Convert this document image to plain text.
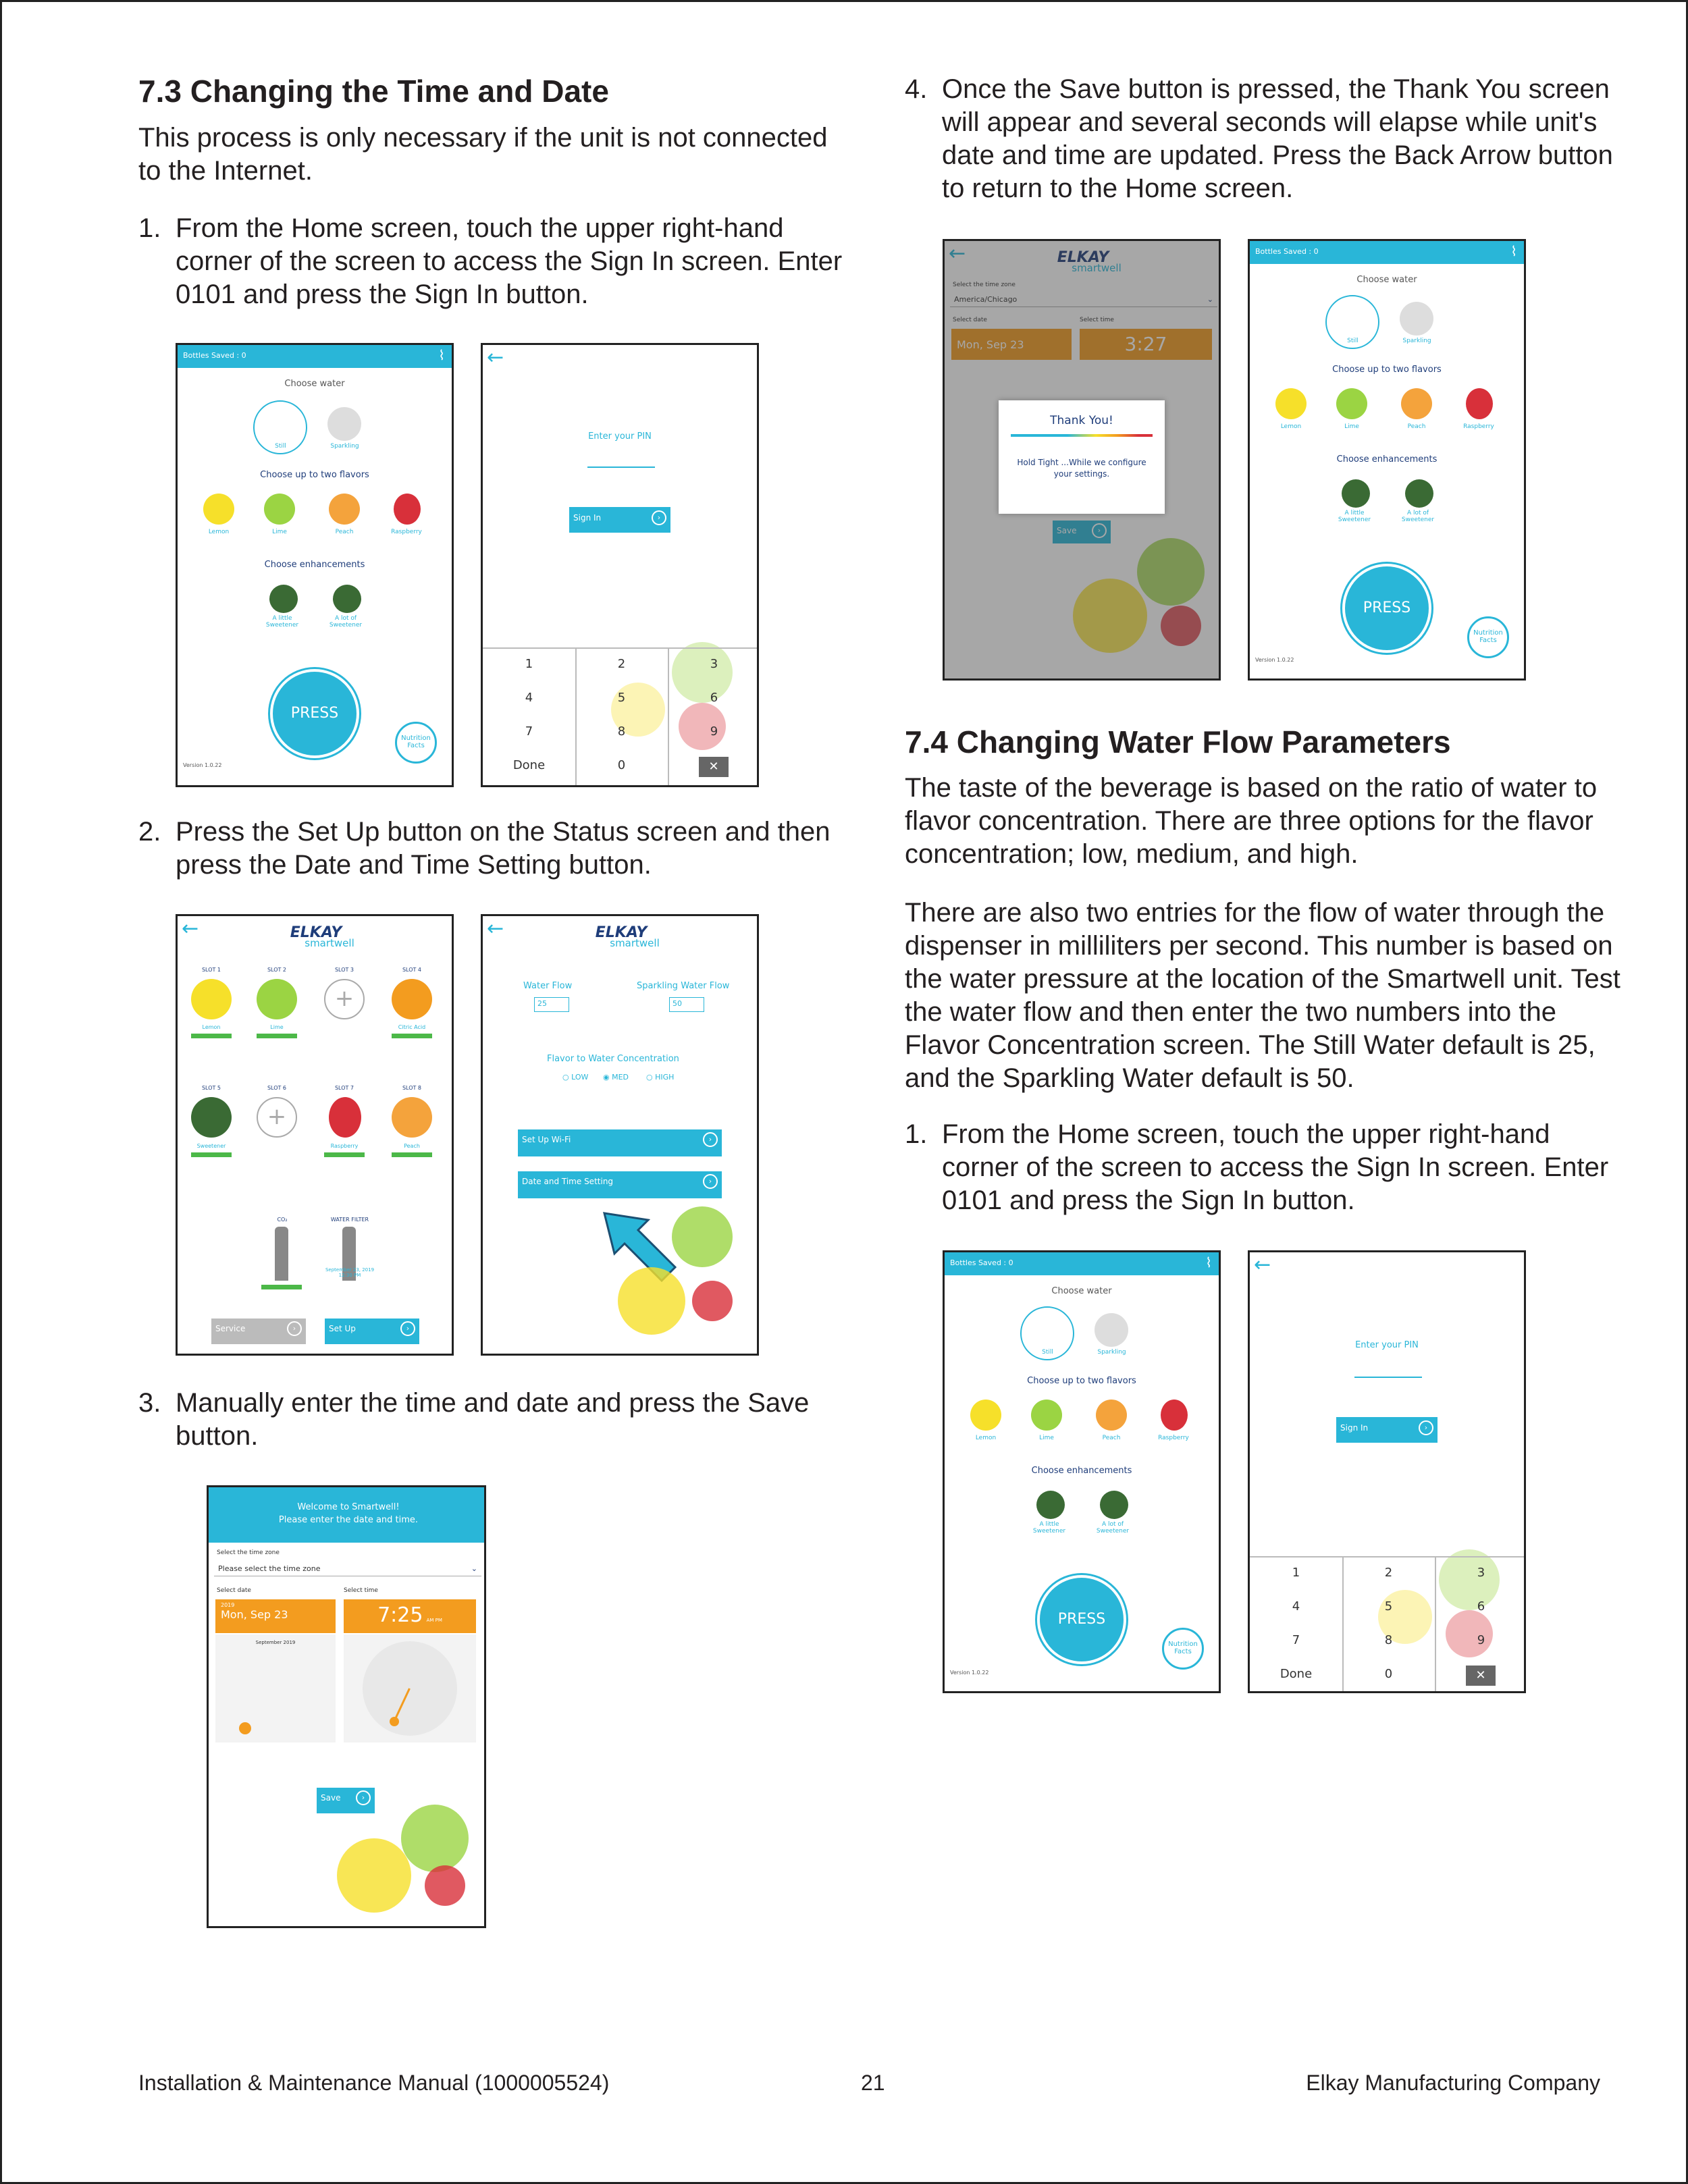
7.3 Changing the Time and Date
This process is only necessary if the unit is not connected to the Internet.
1. From the Home screen, touch the upper right-hand corner of the screen to access the Sign In screen. Enter 0101 and press the Sign In button.
Bottles Saved : 0	⌇
Choose water
Still	Sparkling
Choose up to two flavors
Lemon	Lime	Peach	Raspberry
Choose enhancements
A little Sweetener
A lot of Sweetener
PRESS
Nutrition Facts
Version 1.0.22
←
Enter your PIN
Sign In	›
1	2	3
4	5	6
7	8	9
Done	0	✕
2. Press the Set Up button on the Status screen and then press the Date and Time Setting button.
←	ELKAY
smartwell
SLOT 1	SLOT 2	SLOT 3	SLOT 4
+
Lemon	Lime	Citric Acid
SLOT 5	SLOT 6	SLOT 7	SLOT 8
+
Sweetener	Raspberry	Peach
CO₂	WATER FILTER
September 23, 2019 12:30 PM
Service	›	Set Up	›
←	ELKAY
smartwell
Water Flow
25
Sparkling Water Flow
50
Flavor to Water Concentration
○ LOW ◉ MED ○ HIGH
Set Up Wi-Fi	›
Date and Time Setting	›
3. Manually enter the time and date and press the Save button.
Welcome to Smartwell!
Please enter the date and time.
Select the time zone
Please select the time zone	⌄
Select date	Select time
2019
Mon, Sep 23	7:25 AM PM
September 2019
Save	›
4. Once the Save button is pressed, the Thank You screen will appear and several seconds will elapse while unit's date and time are updated. Press the Back Arrow button to return to the Home screen.
←	ELKAY
smartwell
Select the time zone
America/Chicago	⌄
Select date	Select time
Mon, Sep 23	3:27
Save	›
Thank You!
Hold Tight ...While we configure your settings.
Bottles Saved : 0	⌇
Choose water
Still	Sparkling
Choose up to two flavors
Lemon	Lime	Peach	Raspberry
Choose enhancements
A little Sweetener
A lot of Sweetener
PRESS
Nutrition Facts
Version 1.0.22
7.4 Changing Water Flow Parameters
The taste of the beverage is based on the ratio of water to flavor concentration. There are three options for the flavor concentration; low, medium, and high.
There are also two entries for the flow of water through the dispenser in milliliters per second. This number is based on the water pressure at the location of the Smartwell unit. Test the water flow and then enter the two numbers into the Flavor Concentration screen. The Still Water default is 25, and the Sparkling Water default is 50.
1. From the Home screen, touch the upper right-hand corner of the screen to access the Sign In screen. Enter 0101 and press the Sign In button.
Bottles Saved : 0	⌇
Choose water
Still	Sparkling
Choose up to two flavors
Lemon	Lime	Peach	Raspberry
Choose enhancements
A little Sweetener
A lot of Sweetener
PRESS
Nutrition Facts
Version 1.0.22
←
Enter your PIN
Sign In	›
1	2	3
4	5	6
7	8	9
Done	0	✕
Installation & Maintenance Manual (1000005524)	21	Elkay Manufacturing Company
